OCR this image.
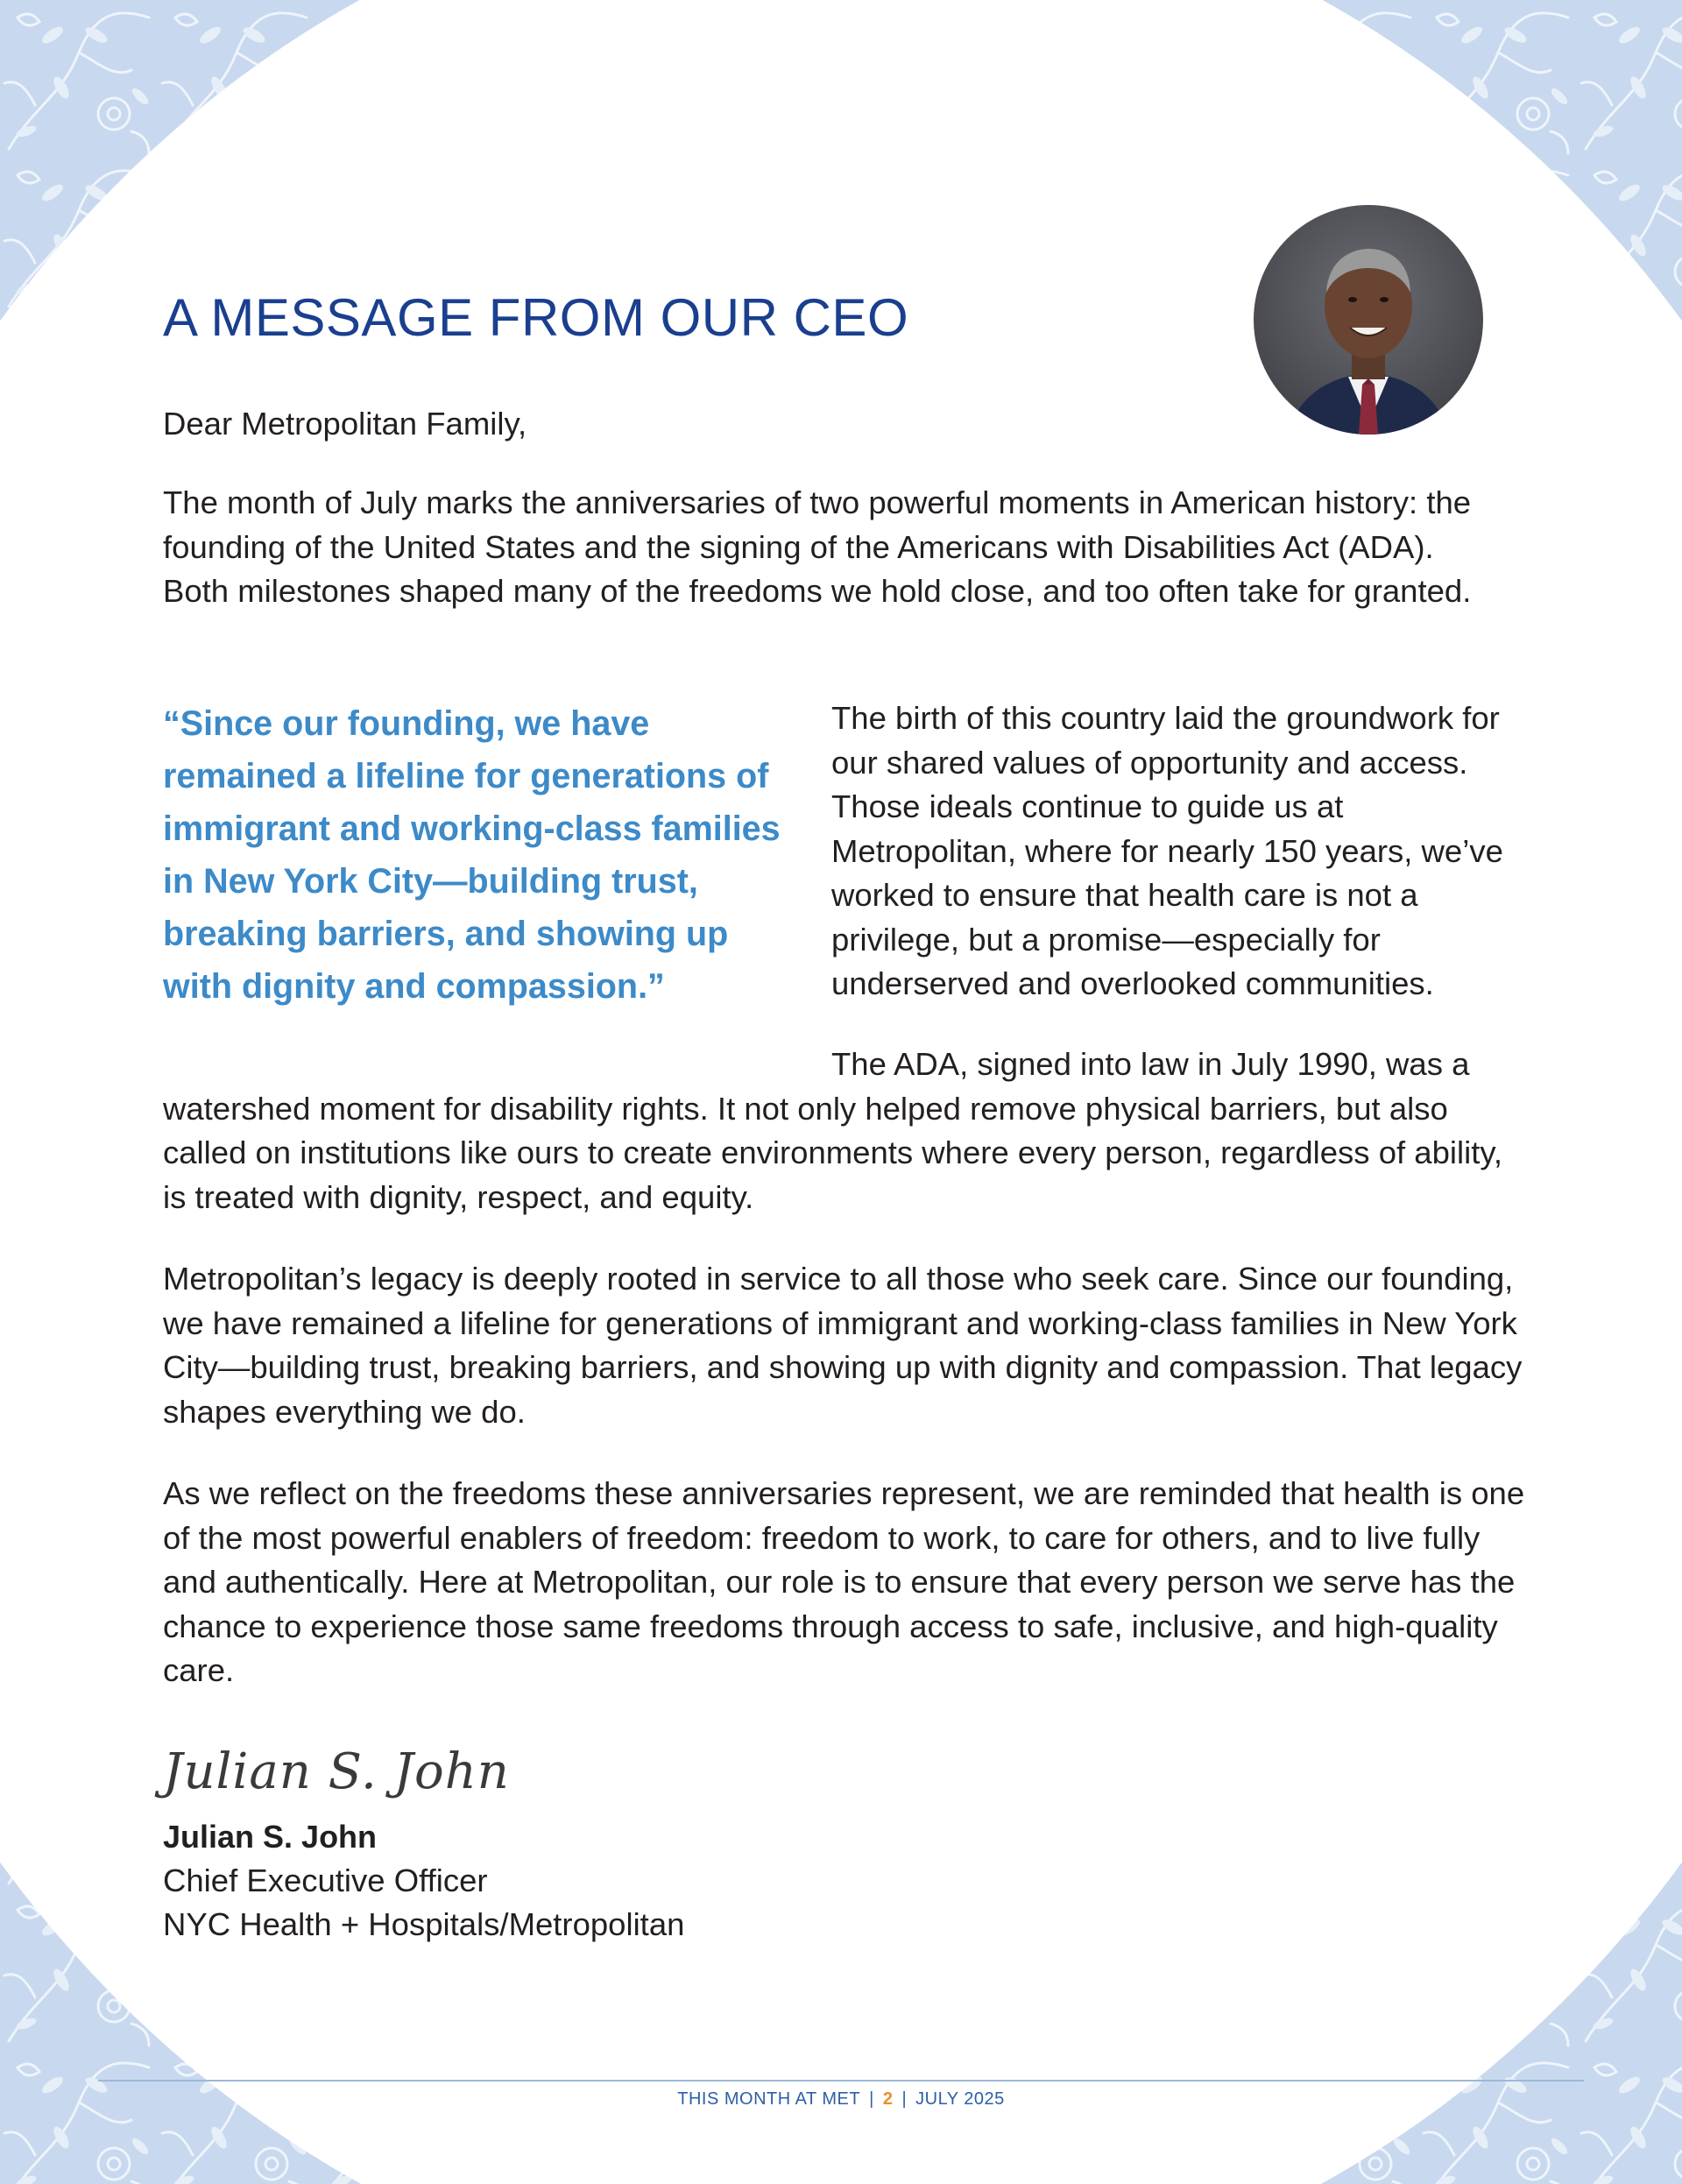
A MESSAGE FROM OUR CEO

Dear Metropolitan Family,

The month of July marks the anniversaries of two powerful moments in American history: the founding of the United States and the signing of the Americans with Disabilities Act (ADA). Both milestones shaped many of the freedoms we hold close, and too often take for granted.

“Since our founding, we have remained a lifeline for generations of immigrant and working-class families in New York City—building trust, breaking barriers, and showing up with dignity and compassion.”

The birth of this country laid the groundwork for our shared values of opportunity and access. Those ideals continue to guide us at Metropolitan, where for nearly 150 years, we’ve worked to ensure that health care is not a privilege, but a promise—especially for underserved and overlooked communities.

The ADA, signed into law in July 1990, was a watershed moment for disability rights. It not only helped remove physical barriers, but also called on institutions like ours to create environments where every person, regardless of ability, is treated with dignity, respect, and equity.

Metropolitan’s legacy is deeply rooted in service to all those who seek care. Since our founding, we have remained a lifeline for generations of immigrant and working-class families in New York City—building trust, breaking barriers, and showing up with dignity and compassion. That legacy shapes everything we do.

As we reflect on the freedoms these anniversaries represent, we are reminded that health is one of the most powerful enablers of freedom: freedom to work, to care for others, and to live fully and authentically. Here at Metropolitan, our role is to ensure that every person we serve has the chance to experience those same freedoms through access to safe, inclusive, and high-quality care.

Julian S. John
Julian S. John
Chief Executive Officer
NYC Health + Hospitals/Metropolitan
THIS MONTH AT MET | 2 | JULY 2025
